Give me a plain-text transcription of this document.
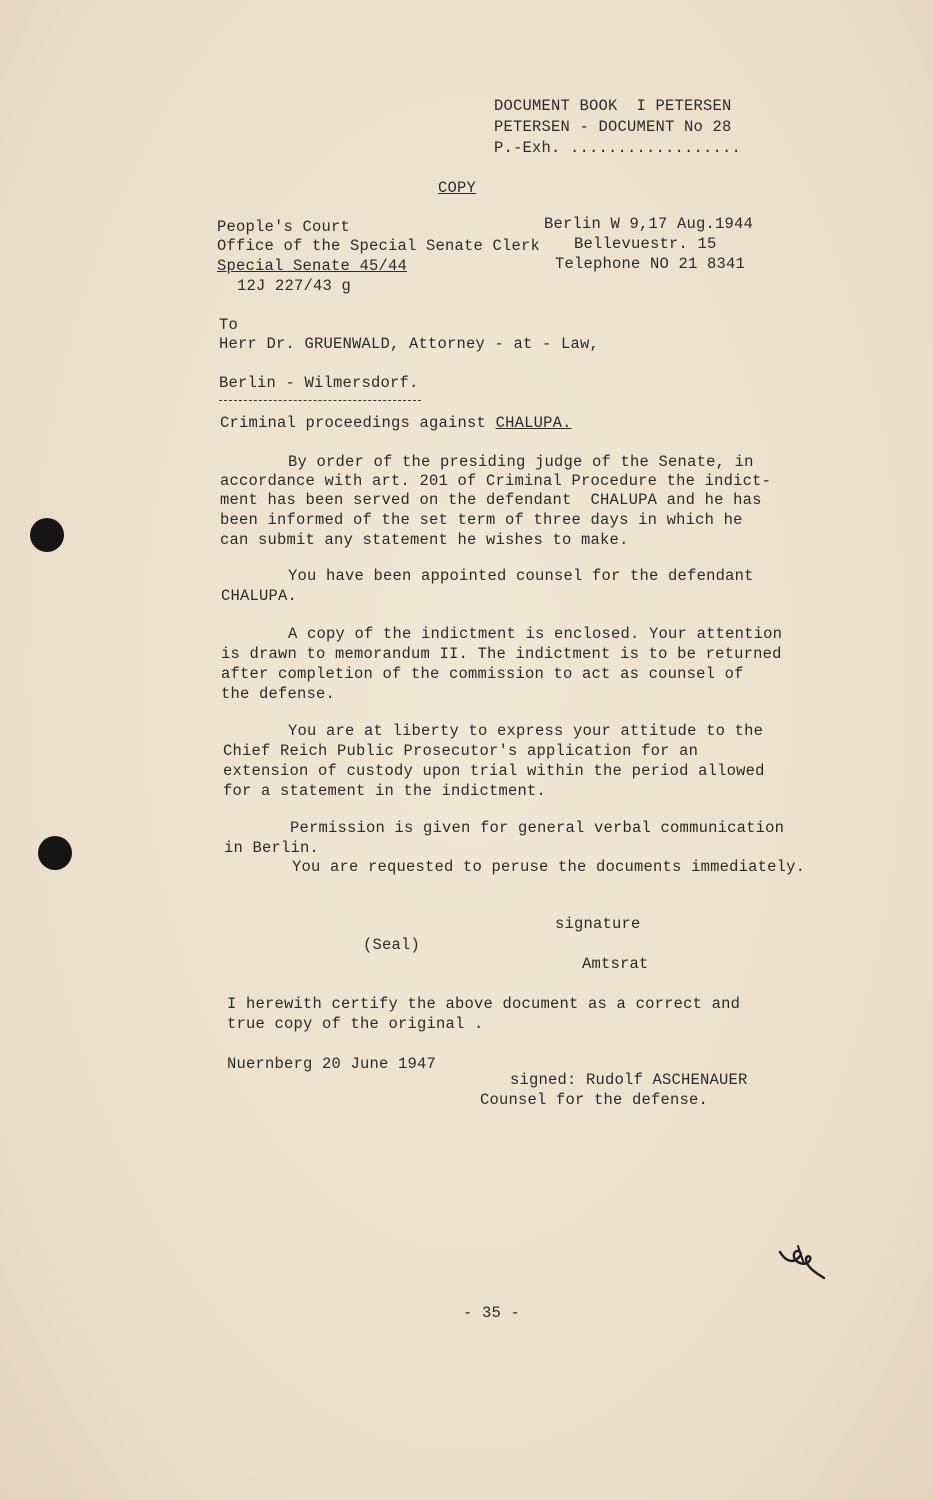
DOCUMENT BOOK  I PETERSEN
PETERSEN - DOCUMENT No 28
P.-Exh. ..................
COPY
People's Court
Office of the Special Senate Clerk
Special Senate 45/44
12J 227/43 g
Berlin W 9,17 Aug.1944
Bellevuestr. 15
Telephone NO 21 8341
To
Herr Dr. GRUENWALD, Attorney - at - Law,
Berlin - Wilmersdorf.
Criminal proceedings against CHALUPA.
By order of the presiding judge of the Senate, in
accordance with art. 201 of Criminal Procedure the indict-
ment has been served on the defendant  CHALUPA and he has
been informed of the set term of three days in which he
can submit any statement he wishes to make.
You have been appointed counsel for the defendant
CHALUPA.
A copy of the indictment is enclosed. Your attention
is drawn to memorandum II. The indictment is to be returned
after completion of the commission to act as counsel of
the defense.
You are at liberty to express your attitude to the
Chief Reich Public Prosecutor's application for an
extension of custody upon trial within the period allowed
for a statement in the indictment.
Permission is given for general verbal communication
in Berlin.
You are requested to peruse the documents immediately.
signature
(Seal)
Amtsrat
I herewith certify the above document as a correct and
true copy of the original .
Nuernberg 20 June 1947
signed: Rudolf ASCHENAUER
Counsel for the defense.
- 35 -
